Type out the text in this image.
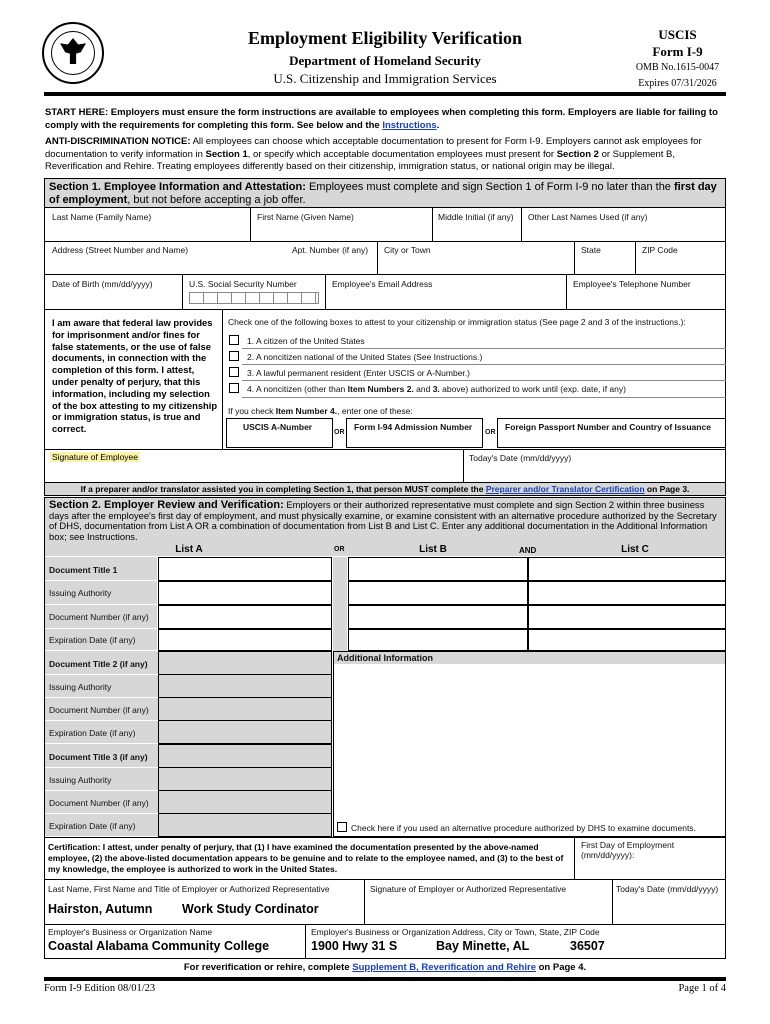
Employment Eligibility Verification
Department of Homeland Security
U.S. Citizenship and Immigration Services
USCIS
Form I-9
OMB No.1615-0047
Expires 07/31/2026
START HERE: Employers must ensure the form instructions are available to employees when completing this form. Employers are liable for failing to comply with the requirements for completing this form. See below and the Instructions.
ANTI-DISCRIMINATION NOTICE: All employees can choose which acceptable documentation to present for Form I-9. Employers cannot ask employees for documentation to verify information in Section 1, or specify which acceptable documentation employees must present for Section 2 or Supplement B, Reverification and Rehire. Treating employees differently based on their citizenship, immigration status, or national origin may be illegal.
Section 1. Employee Information and Attestation: Employees must complete and sign Section 1 of Form I-9 no later than the first day of employment, but not before accepting a job offer.
Last Name (Family Name)	First Name (Given Name)	Middle Initial (if any) Other Last Names Used (if any)
Address (Street Number and Name)	Apt. Number (if any) City or Town	State	ZIP Code
Date of Birth (mm/dd/yyyy)	U.S. Social Security Number	Employee's Email Address	Employee's Telephone Number
I am aware that federal law provides for imprisonment and/or fines for false statements, or the use of false documents, in connection with the completion of this form. I attest, under penalty of perjury, that this information, including my selection of the box attesting to my citizenship or immigration status, is true and correct.
Check one of the following boxes to attest to your citizenship or immigration status (See page 2 and 3 of the instructions.):
1. A citizen of the United States
2. A noncitizen national of the United States (See Instructions.)
3. A lawful permanent resident (Enter USCIS or A-Number.)
4. A noncitizen (other than Item Numbers 2. and 3. above) authorized to work until (exp. date, if any)
If you check Item Number 4., enter one of these:
USCIS A-Number
OR
Form I-94 Admission Number
OR
Foreign Passport Number and Country of Issuance
Signature of Employee	Today's Date (mm/dd/yyyy)
If a preparer and/or translator assisted you in completing Section 1, that person MUST complete the Preparer and/or Translator Certification on Page 3.
Section 2. Employer Review and Verification: Employers or their authorized representative must complete and sign Section 2 within three business days after the employee's first day of employment, and must physically examine, or examine consistent with an alternative procedure authorized by the Secretary of DHS, documentation from List A OR a combination of documentation from List B and List C. Enter any additional documentation in the Additional Information box; see Instructions.
List A	OR	List B	AND	List C
Document Title 1
Issuing Authority
Document Number (if any)
Expiration Date (if any)
Document Title 2 (if any)
Issuing Authority
Document Number (if any)
Expiration Date (if any)
Document Title 3 (if any)
Issuing Authority
Document Number (if any)
Expiration Date (if any)
Additional Information
Check here if you used an alternative procedure authorized by DHS to examine documents.
Certification: I attest, under penalty of perjury, that (1) I have examined the documentation presented by the above-named employee, (2) the above-listed documentation appears to be genuine and to relate to the employee named, and (3) to the best of my knowledge, the employee is authorized to work in the United States.
First Day of Employment (mm/dd/yyyy):
Last Name, First Name and Title of Employer or Authorized Representative	Signature of Employer or Authorized Representative	Today's Date (mm/dd/yyyy)
Hairston, Autumn Work Study Cordinator
Employer's Business or Organization Name	Employer's Business or Organization Address, City or Town, State, ZIP Code
Coastal Alabama Community College	1900 Hwy 31 S	Bay Minette, AL	36507
For reverification or rehire, complete Supplement B, Reverification and Rehire on Page 4.
Form I-9 Edition 08/01/23	Page 1 of 4
